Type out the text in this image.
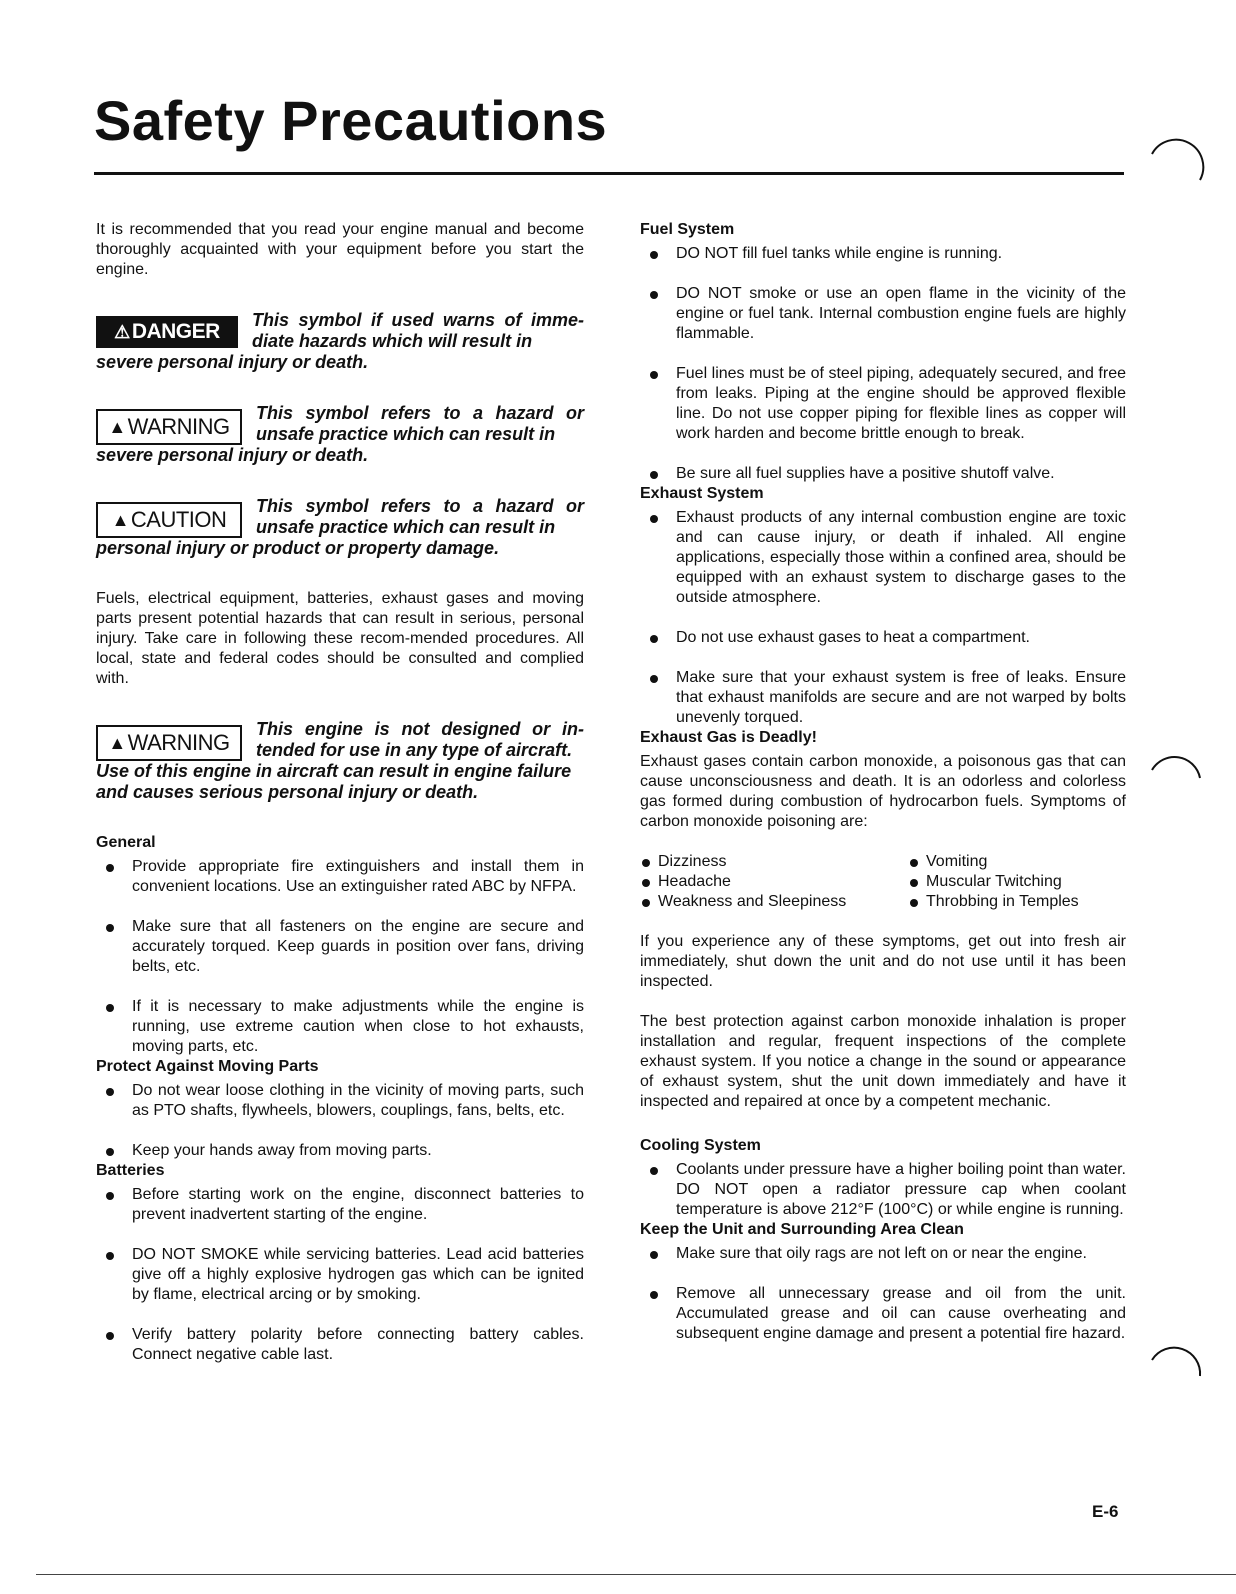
Safety Precautions

It is recommended that you read your engine manual and become thoroughly acquainted with your equipment before you start the engine.

⚠ DANGER This symbol if used warns of imme-diate hazards which will result in
severe personal injury or death.
▲ WARNING
This symbol refers to a hazard or unsafe practice which can result in
severe personal injury or death.
▲ CAUTION
This symbol refers to a hazard or unsafe practice which can result in
personal injury or product or property damage.

Fuels, electrical equipment, batteries, exhaust gases and moving parts present potential hazards that can result in serious, personal injury. Take care in following these recom-mended procedures. All local, state and federal codes should be consulted and complied with.

▲ WARNING
This engine is not designed or in-tended for use in any type of aircraft.
Use of this engine in aircraft can result in engine failure and causes serious personal injury or death.
General
Provide appropriate fire extinguishers and install them in convenient locations. Use an extinguisher rated ABC by NFPA.
Make sure that all fasteners on the engine are secure and accurately torqued. Keep guards in position over fans, driving belts, etc.
If it is necessary to make adjustments while the engine is running, use extreme caution when close to hot exhausts, moving parts, etc.
Protect Against Moving Parts
Do not wear loose clothing in the vicinity of moving parts, such as PTO shafts, flywheels, blowers, couplings, fans, belts, etc.
Keep your hands away from moving parts.
Batteries
Before starting work on the engine, disconnect batteries to prevent inadvertent starting of the engine.
DO NOT SMOKE while servicing batteries. Lead acid batteries give off a highly explosive hydrogen gas which can be ignited by flame, electrical arcing or by smoking.
Verify battery polarity before connecting battery cables. Connect negative cable last.
Fuel System
DO NOT fill fuel tanks while engine is running.
DO NOT smoke or use an open flame in the vicinity of the engine or fuel tank. Internal combustion engine fuels are highly flammable.
Fuel lines must be of steel piping, adequately secured, and free from leaks. Piping at the engine should be approved flexible line. Do not use copper piping for flexible lines as copper will work harden and become brittle enough to break.
Be sure all fuel supplies have a positive shutoff valve.
Exhaust System
Exhaust products of any internal combustion engine are toxic and can cause injury, or death if inhaled. All engine applications, especially those within a confined area, should be equipped with an exhaust system to discharge gases to the outside atmosphere.
Do not use exhaust gases to heat a compartment.
Make sure that your exhaust system is free of leaks. Ensure that exhaust manifolds are secure and are not warped by bolts unevenly torqued.
Exhaust Gas is Deadly!

Exhaust gases contain carbon monoxide, a poisonous gas that can cause unconsciousness and death. It is an odorless and colorless gas formed during combustion of hydrocarbon fuels. Symptoms of carbon monoxide poisoning are:

Dizziness
Headache
Weakness and Sleepiness
Vomiting
Muscular Twitching
Throbbing in Temples

If you experience any of these symptoms, get out into fresh air immediately, shut down the unit and do not use until it has been inspected.

The best protection against carbon monoxide inhalation is proper installation and regular, frequent inspections of the complete exhaust system. If you notice a change in the sound or appearance of exhaust system, shut the unit down immediately and have it inspected and repaired at once by a competent mechanic.

Cooling System
Coolants under pressure have a higher boiling point than water. DO NOT open a radiator pressure cap when coolant temperature is above 212°F (100°C) or while engine is running.
Keep the Unit and Surrounding Area Clean
Make sure that oily rags are not left on or near the engine.
Remove all unnecessary grease and oil from the unit. Accumulated grease and oil can cause overheating and subsequent engine damage and present a potential fire hazard.
E-6
